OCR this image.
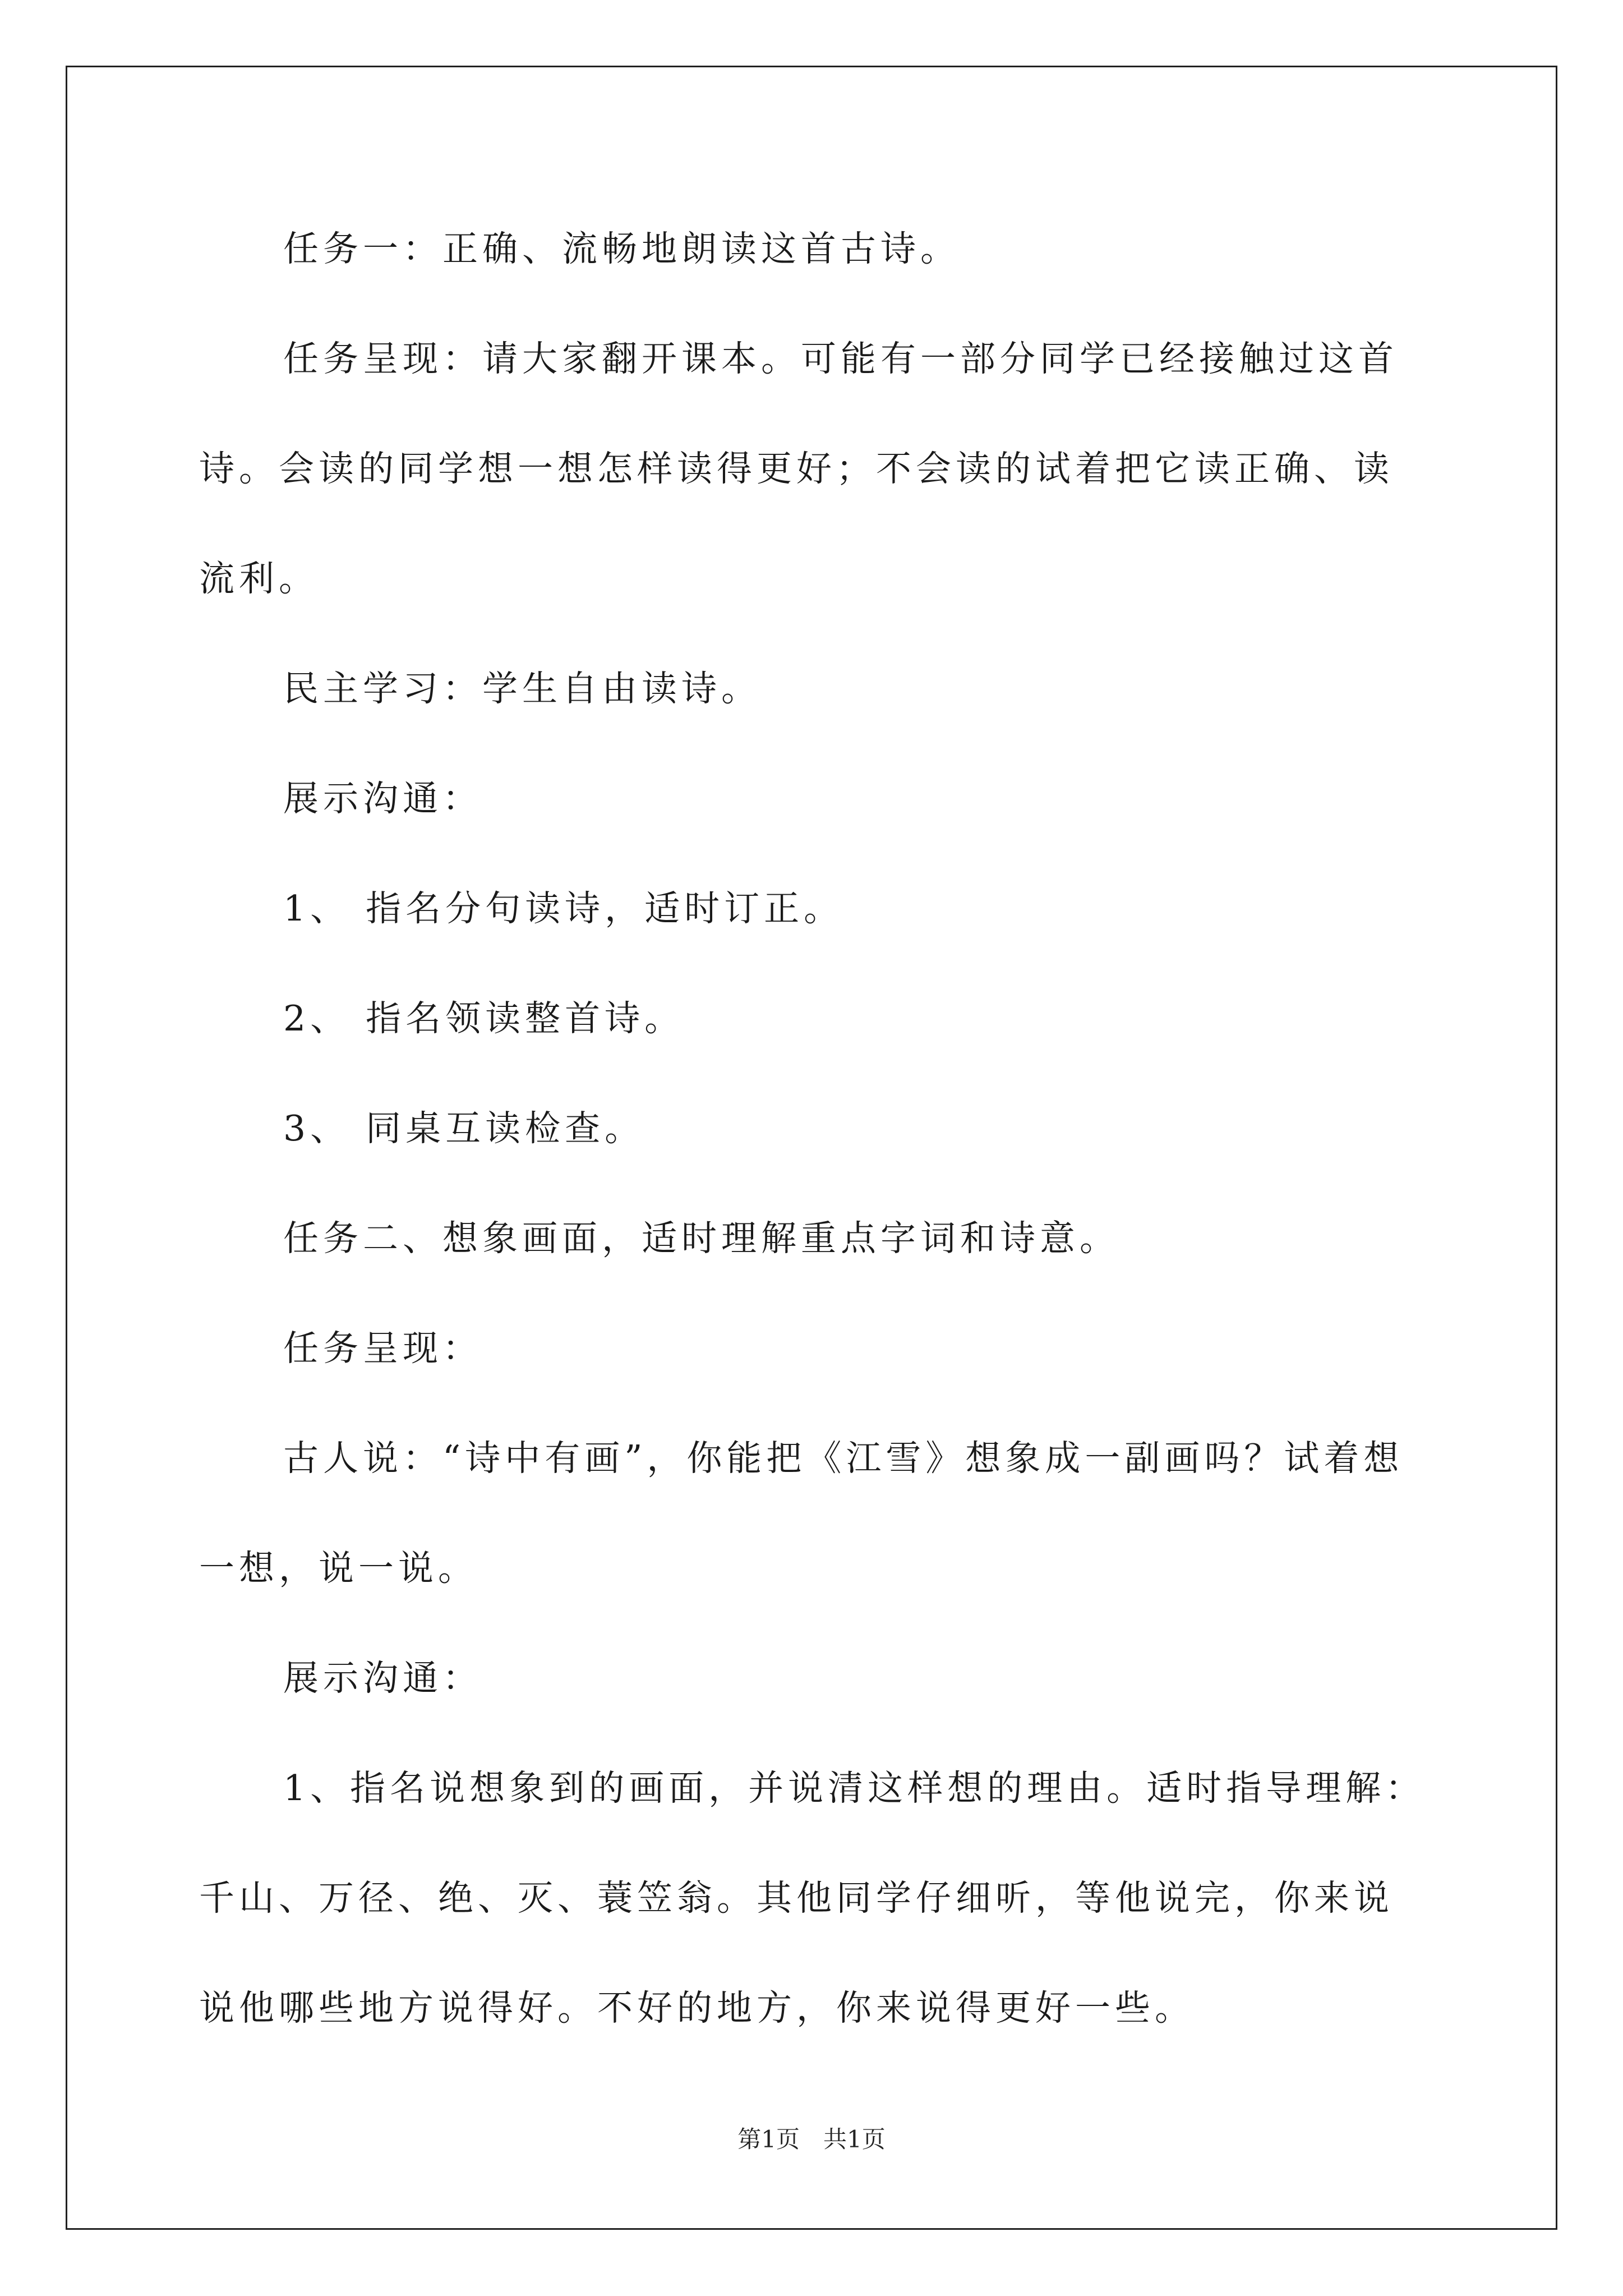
任务一：正确、流畅地朗读这首古诗。

任务呈现：请大家翻开课本。可能有一部分同学已经接触过这首

诗。会读的同学想一想怎样读得更好；不会读的试着把它读正确、读

流利。

民主学习：学生自由读诗。

展示沟通：

1、 指名分句读诗，适时订正。

2、 指名领读整首诗。

3、 同桌互读检查。

任务二、想象画面，适时理解重点字词和诗意。

任务呈现：

古人说：“诗中有画”，你能把《江雪》想象成一副画吗？试着想

一想，说一说。

展示沟通：

1、指名说想象到的画面，并说清这样想的理由。适时指导理解：

千山、万径、绝、灭、蓑笠翁。其他同学仔细听，等他说完，你来说

说他哪些地方说得好。不好的地方，你来说得更好一些。

第1页　共1页
